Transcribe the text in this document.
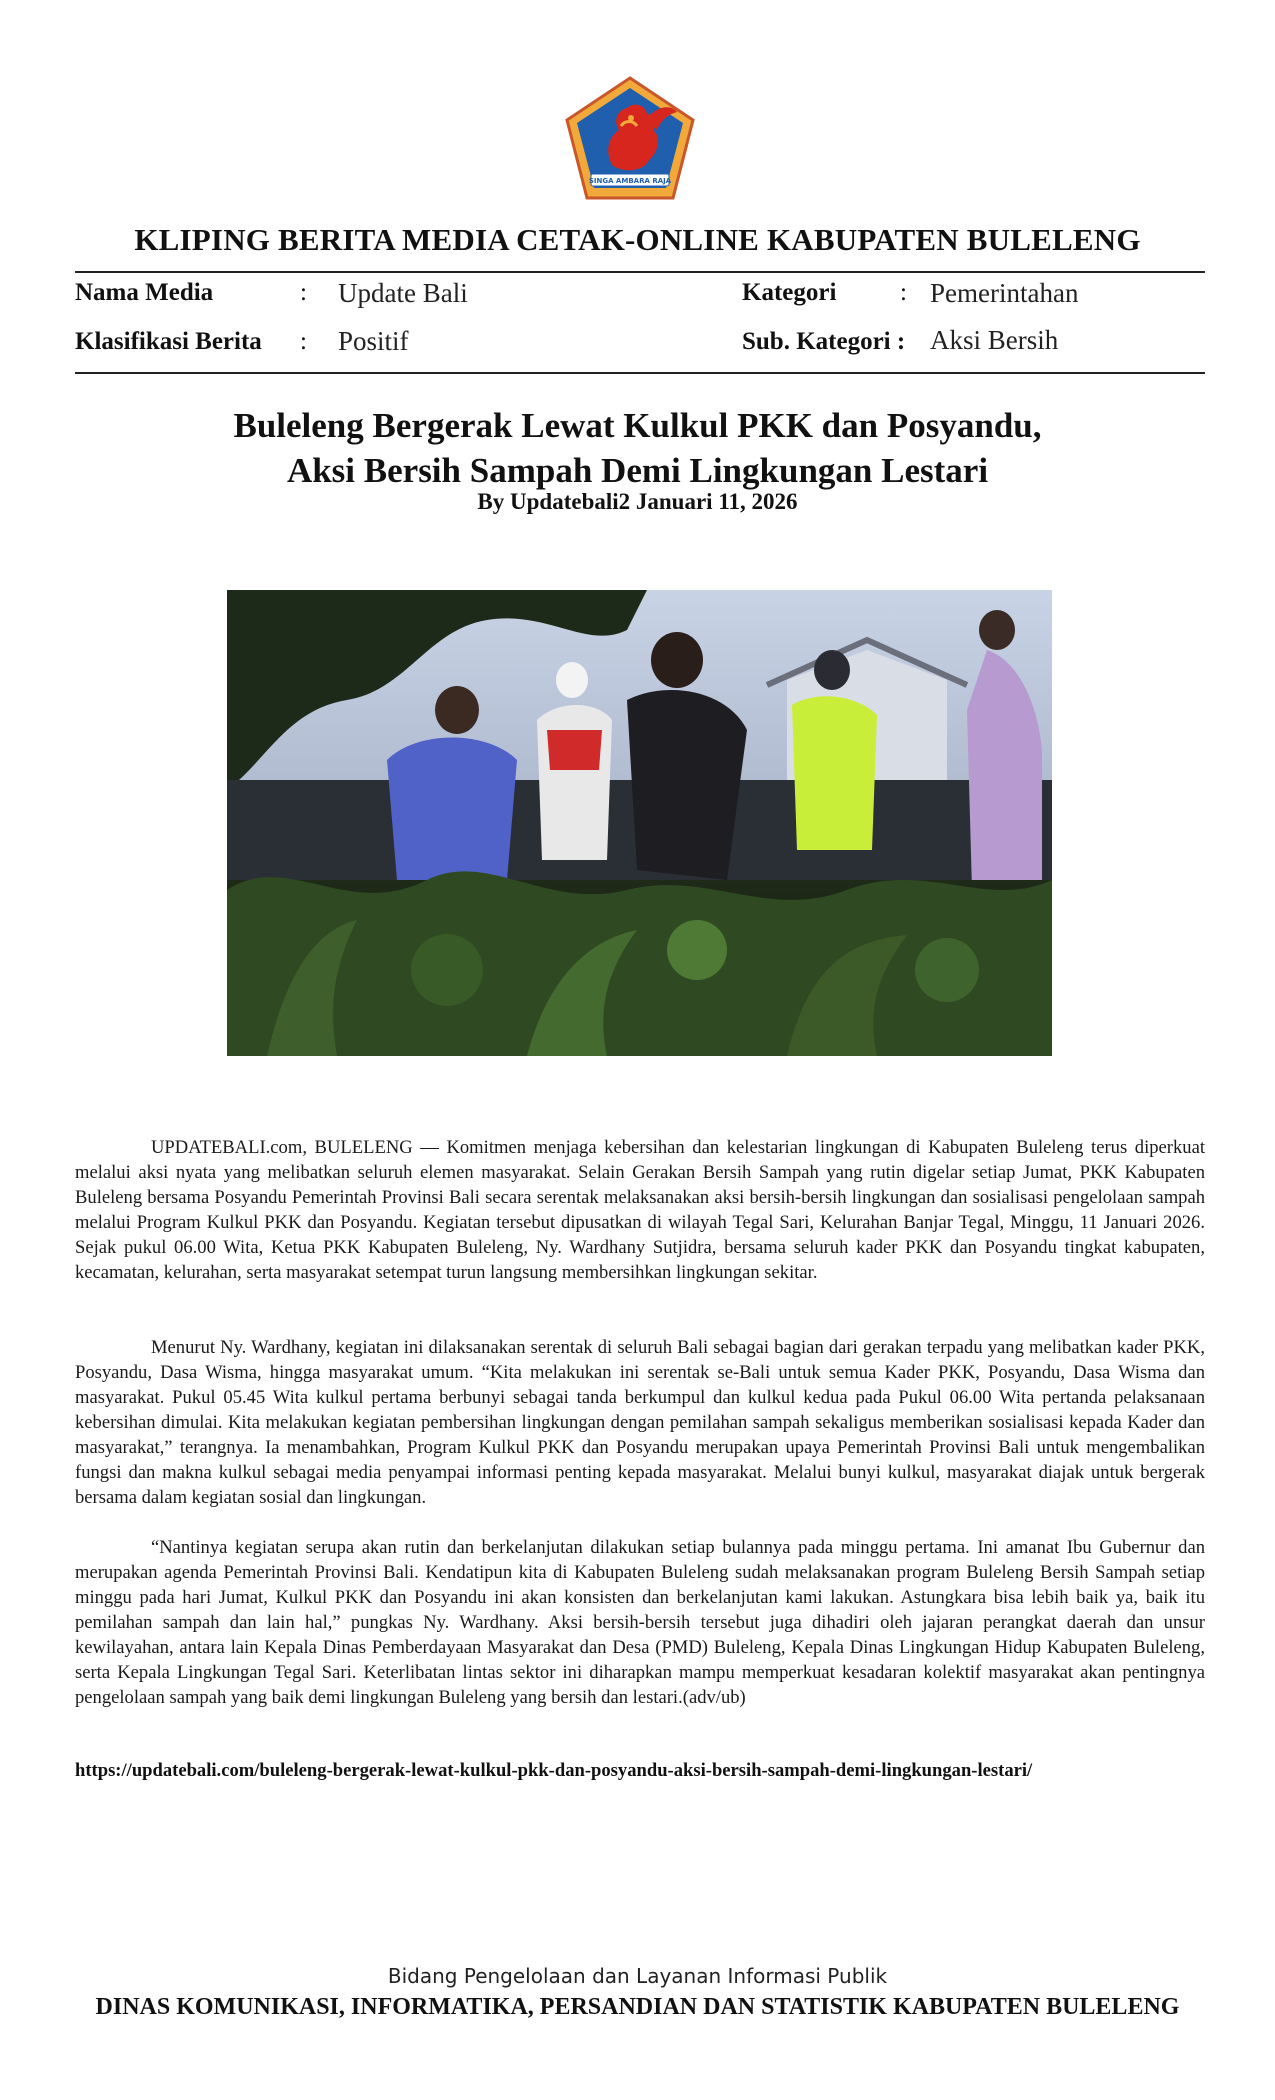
SINGA AMBARA RAJA
KLIPING BERITA MEDIA CETAK-ONLINE KABUPATEN BULELENG
Nama Media	: Update Bali	Kategori	: Pemerintahan
Klasifikasi Berita : Positif	Sub. Kategori : Aksi Bersih
Buleleng Bergerak Lewat Kulkul PKK dan Posyandu,
Aksi Bersih Sampah Demi Lingkungan Lestari
By Updatebali2 Januari 11, 2026

UPDATEBALI.com, BULELENG — Komitmen menjaga kebersihan dan kelestarian lingkungan di Kabupaten Buleleng terus diperkuat melalui aksi nyata yang melibatkan seluruh elemen masyarakat. Selain Gerakan Bersih Sampah yang rutin digelar setiap Jumat, PKK Kabupaten Buleleng bersama Posyandu Pemerintah Provinsi Bali secara serentak melaksanakan aksi bersih-bersih lingkungan dan sosialisasi pengelolaan sampah melalui Program Kulkul PKK dan Posyandu. Kegiatan tersebut dipusatkan di wilayah Tegal Sari, Kelurahan Banjar Tegal, Minggu, 11 Januari 2026. Sejak pukul 06.00 Wita, Ketua PKK Kabupaten Buleleng, Ny. Wardhany Sutjidra, bersama seluruh kader PKK dan Posyandu tingkat kabupaten, kecamatan, kelurahan, serta masyarakat setempat turun langsung membersihkan lingkungan sekitar.

Menurut Ny. Wardhany, kegiatan ini dilaksanakan serentak di seluruh Bali sebagai bagian dari gerakan terpadu yang melibatkan kader PKK, Posyandu, Dasa Wisma, hingga masyarakat umum. “Kita melakukan ini serentak se-Bali untuk semua Kader PKK, Posyandu, Dasa Wisma dan masyarakat. Pukul 05.45 Wita kulkul pertama berbunyi sebagai tanda berkumpul dan kulkul kedua pada Pukul 06.00 Wita pertanda pelaksanaan kebersihan dimulai. Kita melakukan kegiatan pembersihan lingkungan dengan pemilahan sampah sekaligus memberikan sosialisasi kepada Kader dan masyarakat,” terangnya. Ia menambahkan, Program Kulkul PKK dan Posyandu merupakan upaya Pemerintah Provinsi Bali untuk mengembalikan fungsi dan makna kulkul sebagai media penyampai informasi penting kepada masyarakat. Melalui bunyi kulkul, masyarakat diajak untuk bergerak bersama dalam kegiatan sosial dan lingkungan.

“Nantinya kegiatan serupa akan rutin dan berkelanjutan dilakukan setiap bulannya pada minggu pertama. Ini amanat Ibu Gubernur dan merupakan agenda Pemerintah Provinsi Bali. Kendatipun kita di Kabupaten Buleleng sudah melaksanakan program Buleleng Bersih Sampah setiap minggu pada hari Jumat, Kulkul PKK dan Posyandu ini akan konsisten dan berkelanjutan kami lakukan. Astungkara bisa lebih baik ya, baik itu pemilahan sampah dan lain hal,” pungkas Ny. Wardhany. Aksi bersih-bersih tersebut juga dihadiri oleh jajaran perangkat daerah dan unsur kewilayahan, antara lain Kepala Dinas Pemberdayaan Masyarakat dan Desa (PMD) Buleleng, Kepala Dinas Lingkungan Hidup Kabupaten Buleleng, serta Kepala Lingkungan Tegal Sari. Keterlibatan lintas sektor ini diharapkan mampu memperkuat kesadaran kolektif masyarakat akan pentingnya pengelolaan sampah yang baik demi lingkungan Buleleng yang bersih dan lestari.(adv/ub)

https://updatebali.com/buleleng-bergerak-lewat-kulkul-pkk-dan-posyandu-aksi-bersih-sampah-demi-lingkungan-lestari/
Bidang Pengelolaan dan Layanan Informasi Publik
DINAS KOMUNIKASI, INFORMATIKA, PERSANDIAN DAN STATISTIK KABUPATEN BULELENG
